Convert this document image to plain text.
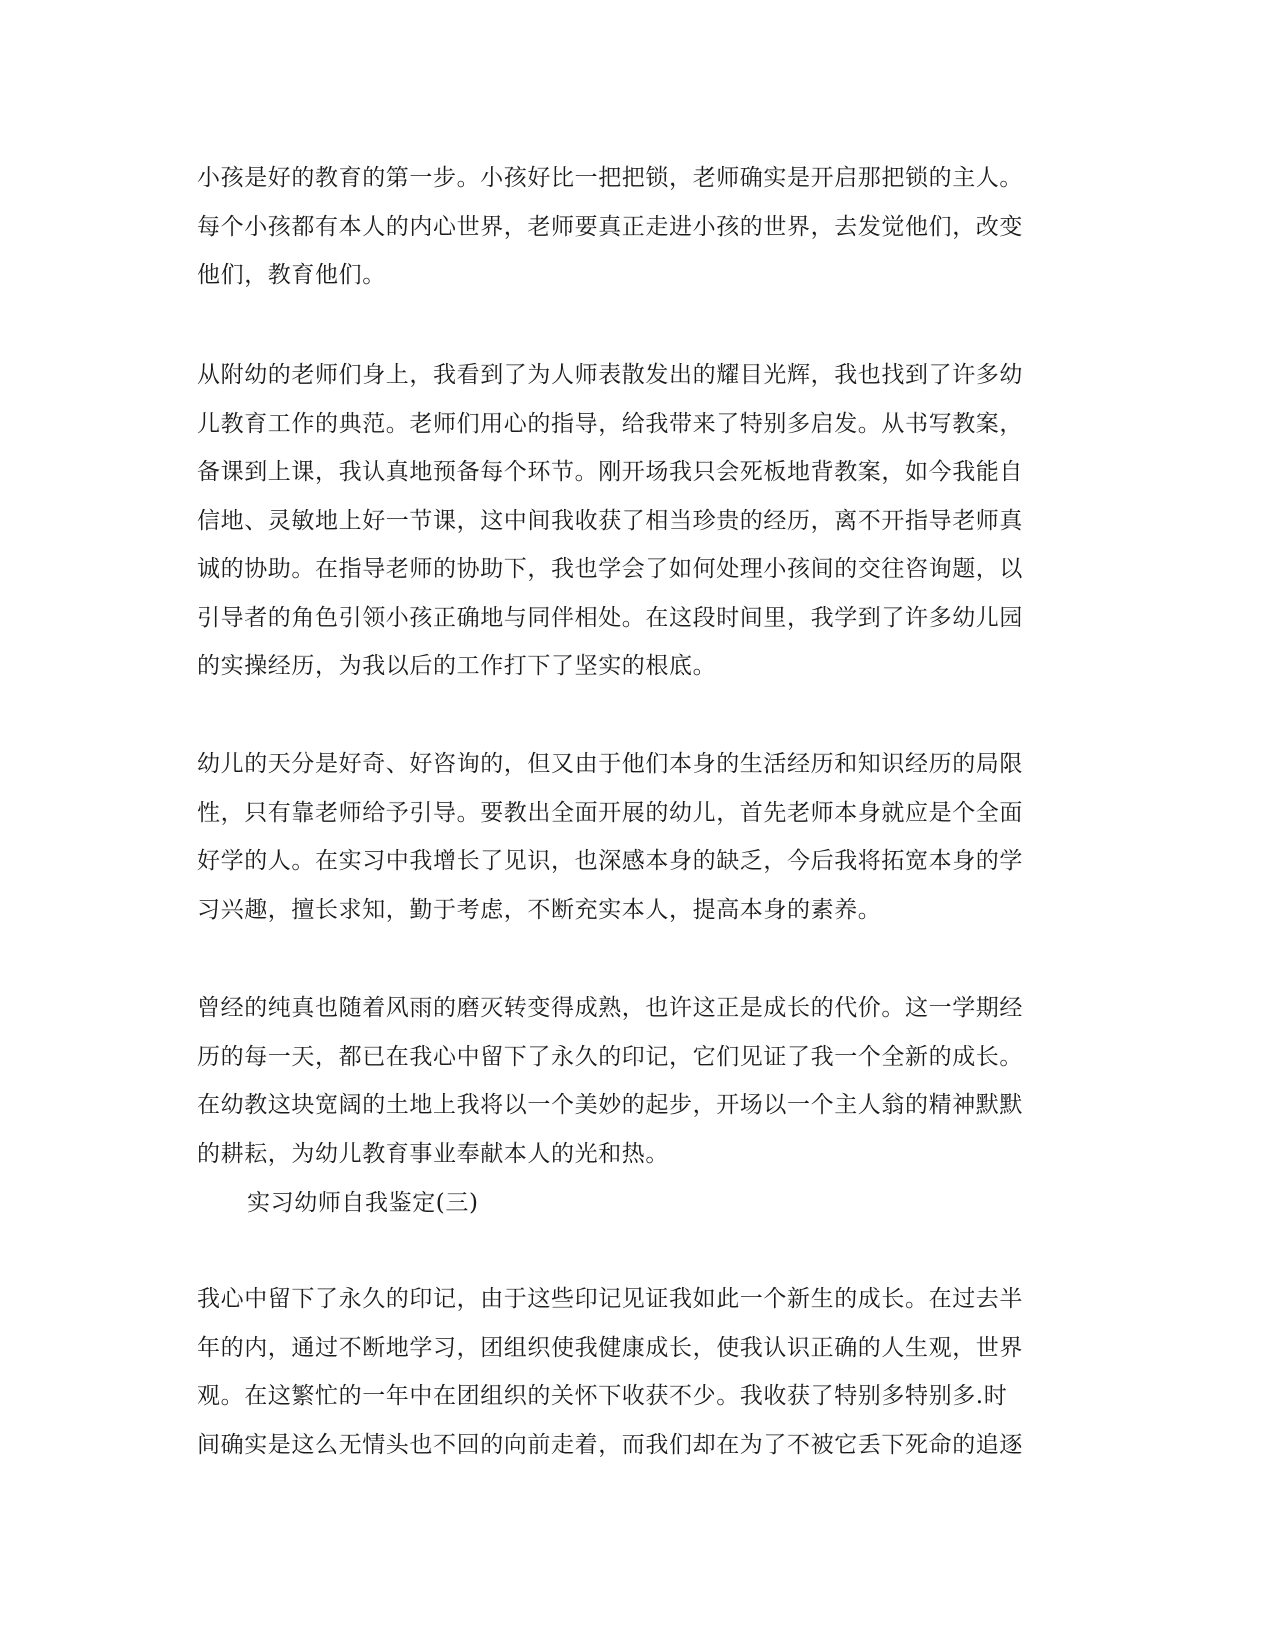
小孩是好的教育的第一步。小孩好比一把把锁，老师确实是开启那把锁的主人。
每个小孩都有本人的内心世界，老师要真正走进小孩的世界，去发觉他们，改变
他们，教育他们。

从附幼的老师们身上，我看到了为人师表散发出的耀目光辉，我也找到了许多幼
儿教育工作的典范。老师们用心的指导，给我带来了特别多启发。从书写教案，
备课到上课，我认真地预备每个环节。刚开场我只会死板地背教案，如今我能自
信地、灵敏地上好一节课，这中间我收获了相当珍贵的经历，离不开指导老师真
诚的协助。在指导老师的协助下，我也学会了如何处理小孩间的交往咨询题，以
引导者的角色引领小孩正确地与同伴相处。在这段时间里，我学到了许多幼儿园
的实操经历，为我以后的工作打下了坚实的根底。

幼儿的天分是好奇、好咨询的，但又由于他们本身的生活经历和知识经历的局限
性，只有靠老师给予引导。要教出全面开展的幼儿，首先老师本身就应是个全面
好学的人。在实习中我增长了见识，也深感本身的缺乏，今后我将拓宽本身的学
习兴趣，擅长求知，勤于考虑，不断充实本人，提高本身的素养。

曾经的纯真也随着风雨的磨灭转变得成熟，也许这正是成长的代价。这一学期经
历的每一天，都已在我心中留下了永久的印记，它们见证了我一个全新的成长。
在幼教这块宽阔的土地上我将以一个美妙的起步，开场以一个主人翁的精神默默
的耕耘，为幼儿教育事业奉献本人的光和热。

实习幼师自我鉴定(三)

我心中留下了永久的印记，由于这些印记见证我如此一个新生的成长。在过去半
年的内，通过不断地学习，团组织使我健康成长，使我认识正确的人生观，世界
观。在这繁忙的一年中在团组织的关怀下收获不少。我收获了特别多特别多.时
间确实是这么无情头也不回的向前走着，而我们却在为了不被它丢下死命的追逐
